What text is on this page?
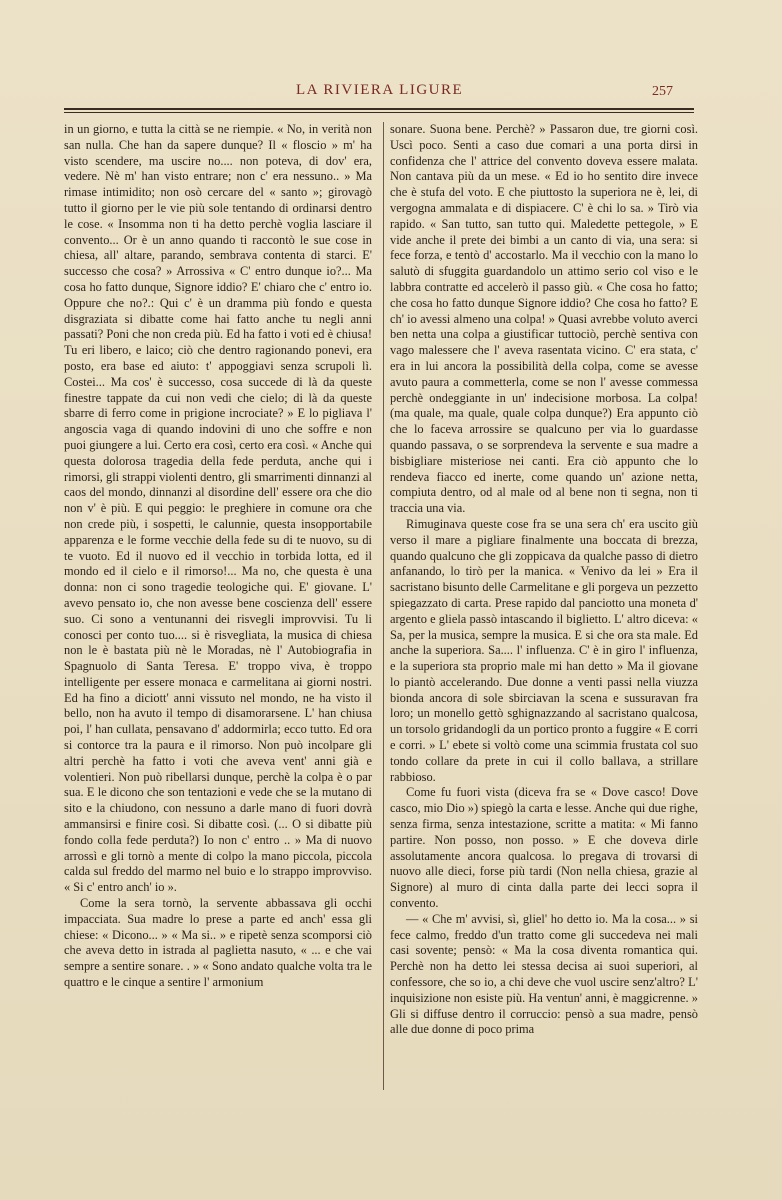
LA RIVIERA LIGURE	257

in un giorno, e tutta la città se ne riempie. « No, in verità non san nulla. Che han da sapere dunque? Il « floscio » m' ha visto scendere, ma uscire no.... non poteva, di dov' era, vedere. Nè m' han visto entrare; non c' era nessuno.. » Ma rimase intimidito; non osò cercare del « santo »; girovagò tutto il giorno per le vie più sole tentando di ordinarsi dentro le cose. « Insomma non ti ha detto perchè voglia lasciare il convento... Or è un anno quando ti raccontò le sue cose in chiesa, all' altare, parando, sembrava contenta di starci. E' successo che cosa? » Arrossiva « C' entro dunque io?... Ma cosa ho fatto dunque, Signore iddio? E' chiaro che c' entro io. Oppure che no?.: Qui c' è un dramma più fondo e questa disgraziata si dibatte come hai fatto anche tu negli anni passati? Poni che non creda più. Ed ha fatto i voti ed è chiusa! Tu eri libero, e laico; ciò che dentro ragionando ponevi, era posto, era base ed aiuto: t' appoggiavi senza scrupoli lì. Costei... Ma cos' è successo, cosa succede di là da queste finestre tappate da cui non vedi che cielo; di là da queste sbarre di ferro come in prigione incrociate? » E lo pigliava l' angoscia vaga di quando indovini di uno che soffre e non puoi giungere a lui. Certo era così, certo era così. « Anche qui questa dolorosa tragedia della fede perduta, anche qui i rimorsi, gli strappi violenti dentro, gli smarrimenti dinnanzi al caos del mondo, dinnanzi al disordine dell' essere ora che dio non v' è più. E qui peggio: le preghiere in comune ora che non crede più, i sospetti, le calunnie, questa insopportabile apparenza e le forme vecchie della fede su di te nuovo, su di te vuoto. Ed il nuovo ed il vecchio in torbida lotta, ed il mondo ed il cielo e il rimorso!... Ma no, che questa è una donna: non ci sono tragedie teologiche qui. E' giovane. L' avevo pensato io, che non avesse bene coscienza dell' essere suo. Ci sono a ventunanni dei risvegli improvvisi. Tu li conosci per conto tuo.... si è risvegliata, la musica di chiesa non le è bastata più nè le Moradas, nè l' Autobiografia in Spagnuolo di Santa Teresa. E' troppo viva, è troppo intelligente per essere monaca e carmelitana ai giorni nostri. Ed ha fino a diciott' anni vissuto nel mondo, ne ha visto il bello, non ha avuto il tempo di disamorarsene. L' han chiusa poi, l' han cullata, pensavano d' addormirla; ecco tutto. Ed ora si contorce tra la paura e il rimorso. Non può incolpare gli altri perchè ha fatto i voti che aveva vent' anni già e volentieri. Non può ribellarsi dunque, perchè la colpa è o par sua. E le dicono che son tentazioni e vede che se la mutano di sito e la chiudono, con nessuno a darle mano di fuori dovrà ammansirsi e finire così. Si dibatte così. (... O si dibatte più fondo colla fede perduta?) Io non c' entro .. » Ma di nuovo arrossì e gli tornò a mente di colpo la mano piccola, piccola calda sul freddo del marmo nel buio e lo strappo improvviso. « Si c' entro anch' io ».

Come la sera tornò, la servente abbassava gli occhi impacciata. Sua madre lo prese a parte ed anch' essa gli chiese: « Dicono... » « Ma si.. » e ripetè senza scomporsi ciò che aveva detto in istrada al paglietta nasuto, « ... e che vai sempre a sentire sonare. . » « Sono andato qualche volta tra le quattro e le cinque a sentire l' armonium

sonare. Suona bene. Perchè? » Passaron due, tre giorni così. Uscì poco. Senti a caso due comari a una porta dirsi in confidenza che l' attrice del convento doveva essere malata. Non cantava più da un mese. « Ed io ho sentito dire invece che è stufa del voto. E che piuttosto la superiora ne è, lei, di vergogna ammalata e di dispiacere. C' è chi lo sa. » Tirò via rapido. « San tutto, san tutto qui. Maledette pettegole, » E vide anche il prete dei bimbi a un canto di via, una sera: si fece forza, e tentò d' accostarlo. Ma il vecchio con la mano lo salutò di sfuggita guardandolo un attimo serio col viso e le labbra contratte ed accelerò il passo giù. « Che cosa ho fatto; che cosa ho fatto dunque Signore iddio? Che cosa ho fatto? E ch' io avessi almeno una colpa! » Quasi avrebbe voluto averci ben netta una colpa a giustificar tuttociò, perchè sentiva con vago malessere che l' aveva rasentata vicino. C' era stata, c' era in lui ancora la possibilità della colpa, come se avesse avuto paura a commetterla, come se non l' avesse commessa perchè ondeggiante in un' indecisione morbosa. La colpa! (ma quale, ma quale, quale colpa dunque?) Era appunto ciò che lo faceva arrossire se qualcuno per via lo guardasse quando passava, o se sorprendeva la servente e sua madre a bisbigliare misteriose nei canti. Era ciò appunto che lo rendeva fiacco ed inerte, come quando un' azione netta, compiuta dentro, od al male od al bene non ti segna, non ti traccia una via.

Rimuginava queste cose fra se una sera ch' era uscito giù verso il mare a pigliare finalmente una boccata di brezza, quando qualcuno che gli zoppicava da qualche passo di dietro anfanando, lo tirò per la manica. « Venivo da lei » Era il sacristano bisunto delle Carmelitane e gli porgeva un pezzetto spiegazzato di carta. Prese rapido dal panciotto una moneta d' argento e gliela passò intascando il biglietto. L' altro diceva: « Sa, per la musica, sempre la musica. E si che ora sta male. Ed anche la superiora. Sa.... l' influenza. C' è in giro l' influenza, e la superiora sta proprio male mi han detto » Ma il giovane lo piantò accelerando. Due donne a venti passi nella viuzza bionda ancora di sole sbirciavan la scena e sussuravan fra loro; un monello gettò sghignazzando al sacristano qualcosa, un torsolo gridandogli da un portico pronto a fuggire « E corri e corri. » L' ebete si voltò come una scimmia frustata col suo tondo collare da prete in cui il collo ballava, a strillare rabbioso.

Come fu fuori vista (diceva fra se « Dove casco! Dove casco, mio Dio ») spiegò la carta e lesse. Anche qui due righe, senza firma, senza intestazione, scritte a matita: « Mi fanno partire. Non posso, non posso. » E che doveva dirle assolutamente ancora qualcosa. lo pregava di trovarsi di nuovo alle dieci, forse più tardi (Non nella chiesa, grazie al Signore) al muro di cinta dalla parte dei lecci sopra il convento.

— « Che m' avvisi, sì, gliel' ho detto io. Ma la cosa... » si fece calmo, freddo d'un tratto come gli succedeva nei mali casi sovente; pensò: « Ma la cosa diventa romantica qui. Perchè non ha detto lei stessa decisa ai suoi superiori, al confessore, che so io, a chi deve che vuol uscire senz'altro? L' inquisizione non esiste più. Ha ventun' anni, è maggicrenne. » Gli si diffuse dentro il corruccio: pensò a sua madre, pensò alle due donne di poco prima
